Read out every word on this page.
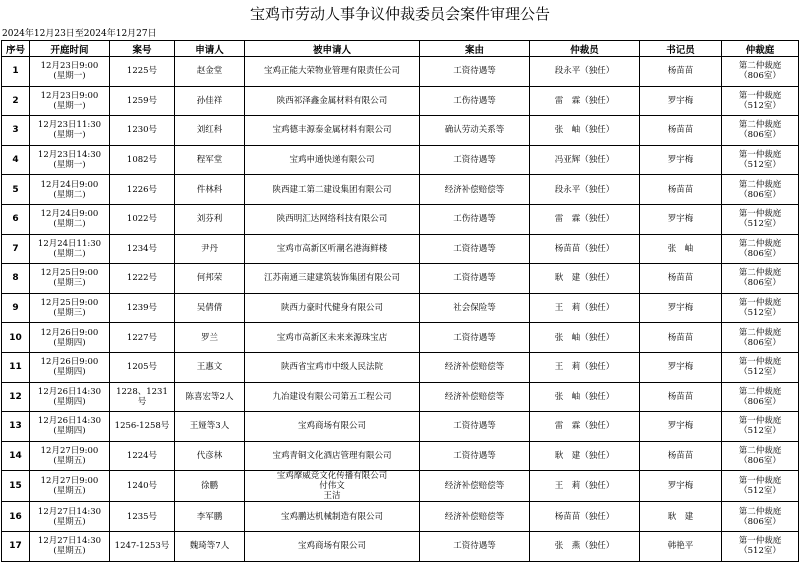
宝鸡市劳动人事争议仲裁委员会案件审理公告
2024年12月23日至2024年12月27日
序号	开庭时间	案号	申请人	被申请人	案由	仲裁员	书记员	仲裁庭
1	12月23日9:00
(星期一)	1225号	赵金堂	宝鸡正能大荣物业管理有限责任公司	工资待遇等	段永平（独任）	杨苗苗	第二仲裁庭
（806室）

2	12月23日9:00
(星期一)	1259号	孙佳祥	陕西祁泽鑫金属材料有限公司	工伤待遇等	雷　霖（独任）	罗宇梅	第一仲裁庭
（512室）

3	12月23日11:30
(星期一)	1230号	刘红科	宝鸡德丰源泰金属材料有限公司	确认劳动关系等	张　岫（独任）	杨苗苗	第二仲裁庭
（806室）

4	12月23日14:30
(星期一)	1082号	程军堂	宝鸡申通快递有限公司	工资待遇等	冯亚辉（独任）	罗宇梅	第一仲裁庭
（512室）

5	12月24日9:00
(星期二)	1226号	件林科	陕西建工第二建设集团有限公司	经济补偿赔偿等	段永平（独任）	杨苗苗	第二仲裁庭
（806室）

6	12月24日9:00
(星期二)	1022号	刘芬利	陕西明汇达网络科技有限公司	工伤待遇等	雷　霖（独任）	罗宇梅	第一仲裁庭
（512室）

7	12月24日11:30
(星期二)	1234号	尹丹	宝鸡市高新区听潮名港海鲜楼	工资待遇等	杨苗苗（独任）	张　岫	第二仲裁庭
（806室）

8	12月25日9:00
(星期三)	1222号	何邦荣	江苏南通三建建筑装饰集团有限公司	工资待遇等	耿　建（独任）	杨苗苗	第二仲裁庭
（806室）

9	12月25日9:00
(星期三)	1239号	吴倩倩	陕西力豪时代健身有限公司	社会保险等	王　莉（独任）	罗宇梅	第一仲裁庭
（512室）

10	12月26日9:00
(星期四)	1227号	罗兰	宝鸡市高新区未来来源珠宝店	工资待遇等	张　岫（独任）	杨苗苗	第二仲裁庭
（806室）

11	12月26日9:00
(星期四)	1205号	王惠文	陕西省宝鸡市中级人民法院	经济补偿赔偿等	王　莉（独任）	罗宇梅	第一仲裁庭
（512室）

12	12月26日14:30
(星期四)	1228、1231
号	陈喜宏等2人	九冶建设有限公司第五工程公司	经济补偿赔偿等	张　岫（独任）	杨苗苗	第二仲裁庭
（806室）

13	12月26日14:30
(星期四)	1256-1258号	王娅等3人	宝鸡商场有限公司	工资待遇等	雷　霖（独任）	罗宇梅	第一仲裁庭
（512室）

14	12月27日9:00
(星期五)	1224号	代彦林	宝鸡青铜文化酒店管理有限公司	工资待遇等	耿　建（独任）	杨苗苗	第二仲裁庭
（806室）

15	12月27日9:00
(星期五)	1240号	徐鹏	宝鸡摩威竞文化传播有限公司
付伟文
王洁	经济补偿赔偿等	王　莉（独任）	罗宇梅	第一仲裁庭
（512室）

16	12月27日14:30
(星期五)	1235号	李军鹏	宝鸡鹏达机械制造有限公司	经济补偿赔偿等	杨苗苗（独任）	耿　建	第二仲裁庭
（806室）

17	12月27日14:30
(星期五)	1247-1253号	魏琦等7人	宝鸡商场有限公司	工资待遇等	张　燕（独任）	韩艳平	第一仲裁庭
（512室）
